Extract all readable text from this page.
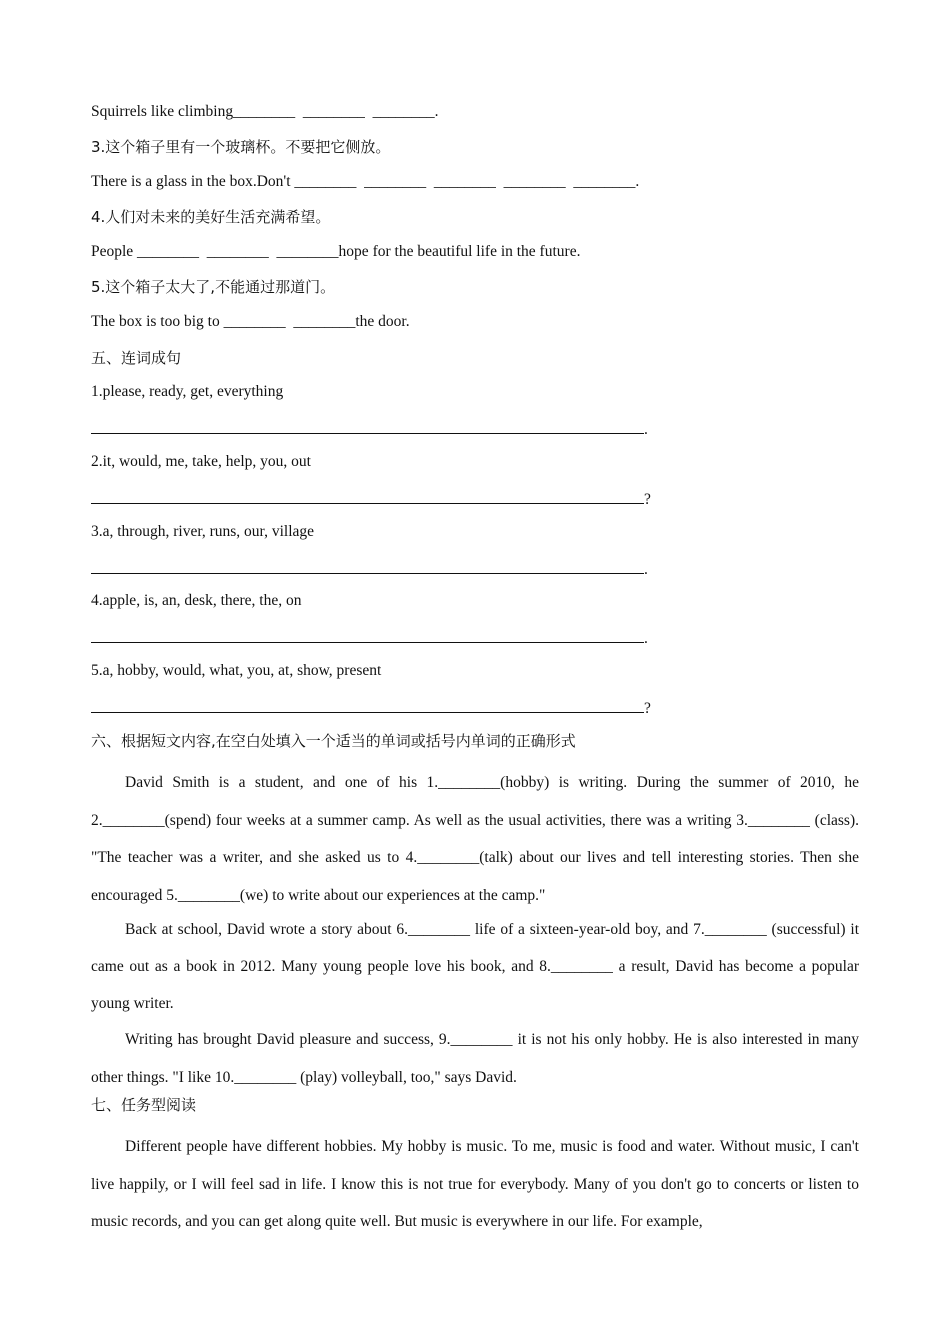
Squirrels like climbing________  ________  ________.
3.这个箱子里有一个玻璃杯。不要把它侧放。
There is a glass in the box.Don't ________  ________  ________  ________  ________.
4.人们对未来的美好生活充满希望。
People ________  ________  ________hope for the beautiful life in the future.
5.这个箱子太大了,不能通过那道门。
The box is too big to ________  ________the door.
五、连词成句
1.please, ready, get, everything
.
2.it, would, me, take, help, you, out
?
3.a, through, river, runs, our, village
.
4.apple, is, an, desk, there, the, on
.
5.a, hobby, would, what, you, at, show, present
?
六、根据短文内容,在空白处填入一个适当的单词或括号内单词的正确形式

David Smith is a student, and one of his 1.________(hobby) is writing. During the summer of 2010, he 2.________(spend) four weeks at a summer camp. As well as the usual activities, there was a writing 3.________ (class). "The teacher was a writer, and she asked us to 4.________(talk) about our lives and tell interesting stories. Then she encouraged 5.________(we) to write about our experiences at the camp."

Back at school, David wrote a story about 6.________ life of a sixteen-year-old boy, and 7.________ (successful) it came out as a book in 2012. Many young people love his book, and 8.________ a result, David has become a popular young writer.

Writing has brought David pleasure and success, 9.________ it is not his only hobby. He is also interested in many other things. "I like 10.________ (play) volleyball, too," says David.

七、任务型阅读

Different people have different hobbies. My hobby is music. To me, music is food and water. Without music, I can't live happily, or I will feel sad in life. I know this is not true for everybody. Many of you don't go to concerts or listen to music records, and you can get along quite well. But music is everywhere in our life. For example,
